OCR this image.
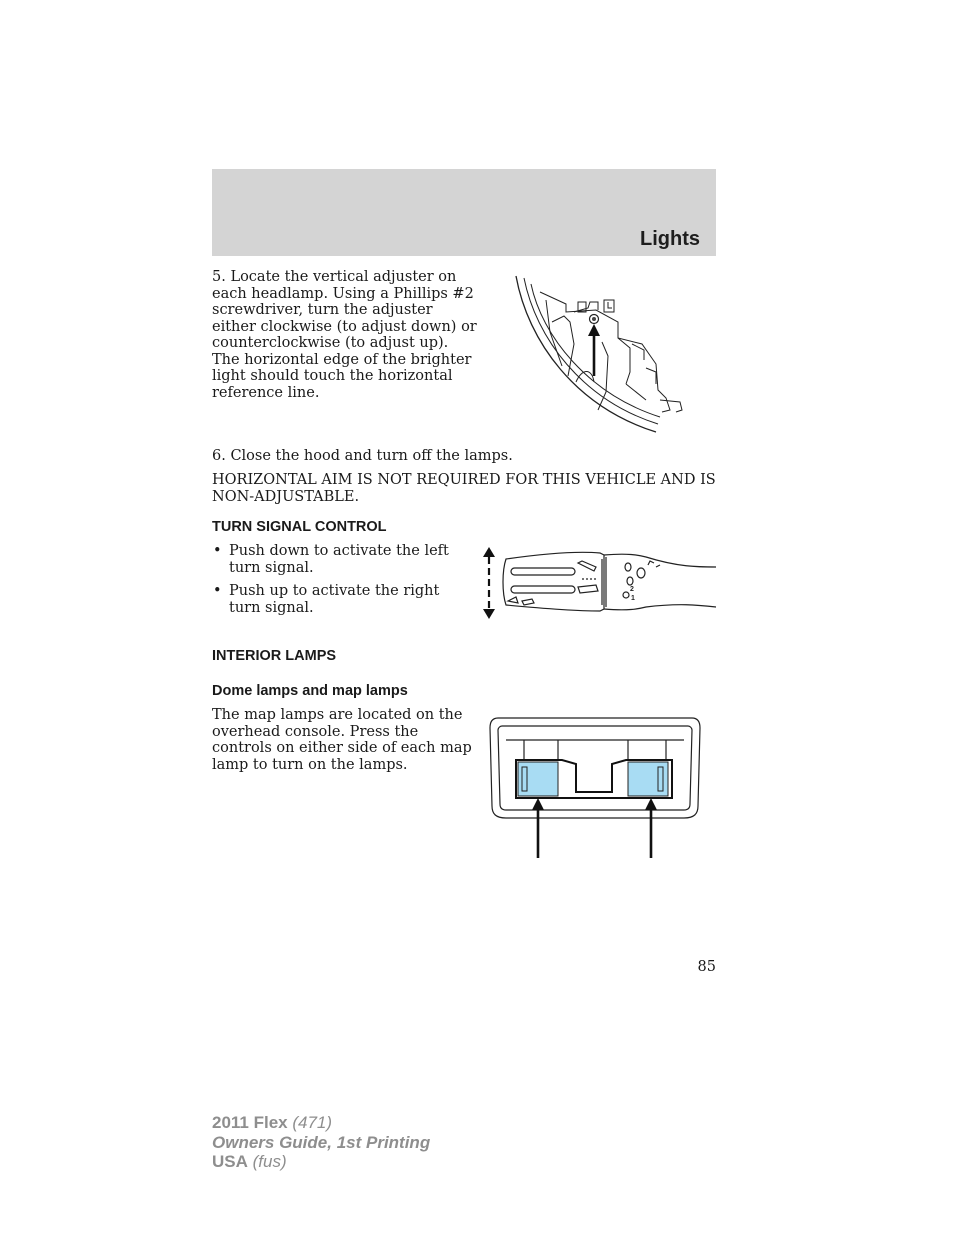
Lights
5. Locate the vertical adjuster on each headlamp. Using a Phillips #2 screwdriver, turn the adjuster either clockwise (to adjust down) or counterclockwise (to adjust up). The horizontal edge of the brighter light should touch the horizontal reference line.
6. Close the hood and turn off the lamps.
HORIZONTAL AIM IS NOT REQUIRED FOR THIS VEHICLE AND IS NON-ADJUSTABLE.
TURN SIGNAL CONTROL
• Push down to activate the left turn signal.
• Push up to activate the right turn signal.
2
1
INTERIOR LAMPS
Dome lamps and map lamps
The map lamps are located on the overhead console. Press the controls on either side of each map lamp to turn on the lamps.
85
2011 Flex (471)
Owners Guide, 1st Printing
USA (fus)
